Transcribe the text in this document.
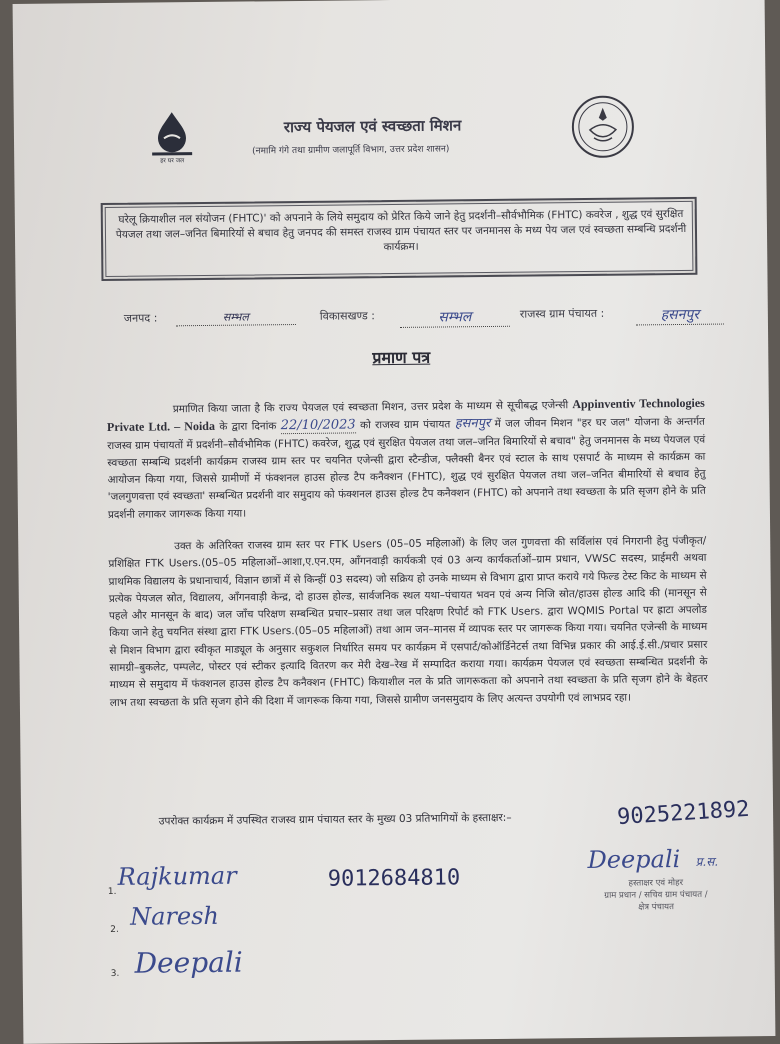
हर घर जल
राज्य पेयजल एवं स्वच्छता मिशन
(नमामि गंगे तथा ग्रामीण जलापूर्ति विभाग, उत्तर प्रदेश शासन)
घरेलू क्रियाशील नल संयोजन (FHTC)' को अपनाने के लिये समुदाय को प्रेरित किये जाने हेतु प्रदर्शनी–सौर्वभौमिक (FHTC) कवरेज , शुद्ध एवं सुरक्षित पेयजल तथा जल–जनित बिमारियों से बचाव हेतु जनपद की समस्त राजस्व ग्राम पंचायत स्तर पर जनमानस के मध्य पेय जल एवं स्वच्छता सम्बन्धि प्रदर्शनी कार्यक्रम।
जनपद :	सम्भल	विकासखण्ड :	सम्भल	राजस्व ग्राम पंचायत :	हसनपुर
प्रमाण पत्र
प्रमाणित किया जाता है कि राज्य पेयजल एवं स्वच्छता मिशन, उत्तर प्रदेश के माध्यम से सूचीबद्ध एजेन्सी Appinventiv Technologies Private Ltd. – Noida के द्वारा दिनांक 22/10/2023 को राजस्व ग्राम पंचायत हसनपुर में जल जीवन मिशन "हर घर जल" योजना के अन्तर्गत राजस्व ग्राम पंचायतों में प्रदर्शनी–सौर्वभौमिक (FHTC) कवरेज, शुद्ध एवं सुरक्षित पेयजल तथा जल–जनित बिमारियों से बचाव" हेतु जनमानस के मध्य पेयजल एवं स्वच्छता सम्बन्धि प्रदर्शनी कार्यक्रम राजस्व ग्राम स्तर पर चयनित एजेन्सी द्वारा स्टैन्डीज, फ्लैक्सी बैनर एवं स्टाल के साथ एसपार्ट के माध्यम से कार्यक्रम का आयोजन किया गया, जिससे ग्रामीणों में फंक्शनल हाउस होल्ड टैप कनैक्शन (FHTC), शुद्ध एवं सुरक्षित पेयजल तथा जल–जनित बीमारियों से बचाव हेतु 'जलगुणवत्ता एवं स्वच्छता' सम्बन्धित प्रदर्शनी वार समुदाय को फंक्शनल हाउस होल्ड टैप कनैक्शन (FHTC) को अपनाने तथा स्वच्छता के प्रति सृजग होने के प्रति प्रदर्शनी लगाकर जागरूक किया गया।
उक्त के अतिरिक्त राजस्व ग्राम स्तर पर FTK Users (05–05 महिलाओं) के लिए जल गुणवत्ता की सर्विलांस एवं निगरानी हेतु पंजीकृत/प्रशिक्षित FTK Users.(05–05 महिलाओं–आशा,ए.एन.एम, आँगनवाड़ी कार्यकत्री एवं 03 अन्य कार्यकर्ताओं–ग्राम प्रधान, VWSC सदस्य, प्राईमरी अथवा प्राथमिक विद्यालय के प्रधानाचार्य, विज्ञान छात्रों में से किन्हीं 03 सदस्य) जो सक्रिय हो उनके माध्यम से विभाग द्वारा प्राप्त कराये गये फिल्ड टेस्ट किट के माध्यम से प्रत्येक पेयजल स्रोत, विद्यालय, आँगनवाड़ी केन्द्र, दो हाउस होल्ड, सार्वजनिक स्थल यथा–पंचायत भवन एवं अन्य निजि स्रोत/हाउस होल्ड आदि की (मानसून से पहले और मानसून के बाद) जल जाँच परिक्षण सम्बन्धित प्रचार–प्रसार तथा जल परिक्षण रिपोर्ट को FTK Users. द्वारा WQMIS Portal पर ह्राटा अपलोड किया जाने हेतु चयनित संस्था द्वारा FTK Users.(05–05 महिलाओं) तथा आम जन–मानस में व्यापक स्तर पर जागरूक किया गया। चयनित एजेन्सी के माध्यम से मिशन विभाग द्वारा स्वीकृत माड्यूल के अनुसार सकुशल निर्धारित समय पर कार्यक्रम में एसपार्ट/कोऑर्डिनेटर्स तथा विभिन्न प्रकार की आई.ई.सी./प्रचार प्रसार सामग्री–बुकलेट, पम्पलेट, पोस्टर एवं स्टीकर इत्यादि वितरण कर मेरी देख–रेख में सम्पादित कराया गया। कार्यक्रम पेयजल एवं स्वच्छता सम्बन्धित प्रदर्शनी के माध्यम से समुदाय में फंक्शनल हाउस होल्ड टैप कनैक्शन (FHTC) कियाशील नल के प्रति जागरूकता को अपनाने तथा स्वच्छता के प्रति सृजग होने के बेहतर लाभ तथा स्वच्छता के प्रति सृजग होने की दिशा में जागरूक किया गया, जिससे ग्रामीण जनसमुदाय के लिए अत्यन्त उपयोगी एवं लाभप्रद रहा।
उपरोक्त कार्यक्रम में उपस्थित राजस्व ग्राम पंचायत स्तर के मुख्य 03 प्रतिभागियों के हस्ताक्षर:–	9025221892
1.
Rajkumar	9012684810
2. Naresh
3. Deepali
Deepali प्र.स.
हस्ताक्षर एवं मोहर
ग्राम प्रधान / सचिव ग्राम पंचायत /
क्षेत्र पंचायत
